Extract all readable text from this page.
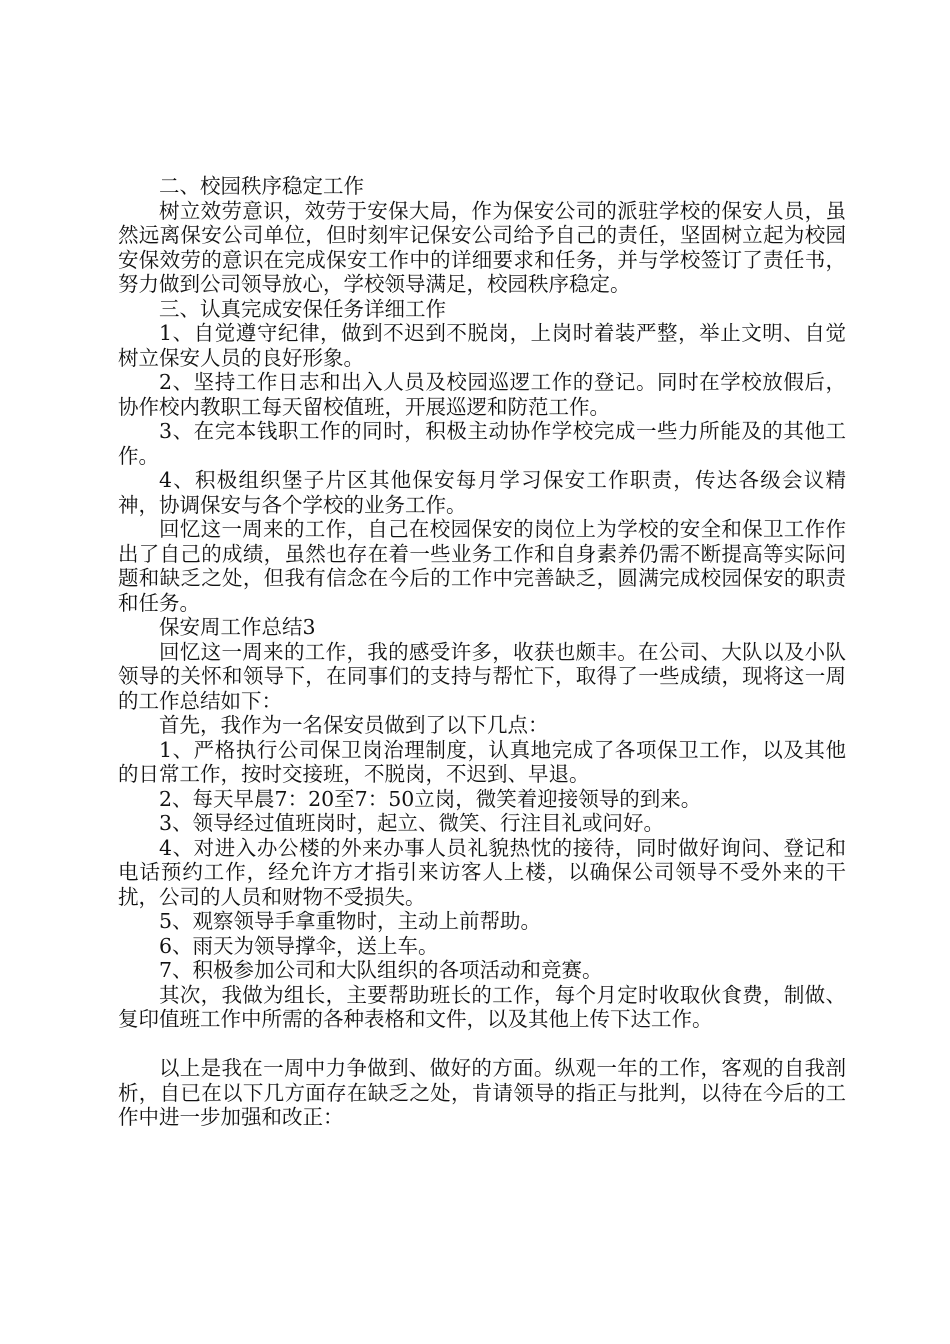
二、校园秩序稳定工作

树立效劳意识，效劳于安保大局，作为保安公司的派驻学校的保安人员，虽然远离保安公司单位，但时刻牢记保安公司给予自己的责任，坚固树立起为校园安保效劳的意识在完成保安工作中的详细要求和任务，并与学校签订了责任书，努力做到公司领导放心，学校领导满足，校园秩序稳定。

三、认真完成安保任务详细工作

1、自觉遵守纪律，做到不迟到不脱岗，上岗时着装严整，举止文明、自觉树立保安人员的良好形象。

2、坚持工作日志和出入人员及校园巡逻工作的登记。同时在学校放假后，协作校内教职工每天留校值班，开展巡逻和防范工作。

3、在完本钱职工作的同时，积极主动协作学校完成一些力所能及的其他工作。

4、积极组织堡子片区其他保安每月学习保安工作职责，传达各级会议精神，协调保安与各个学校的业务工作。

回忆这一周来的工作，自己在校园保安的岗位上为学校的安全和保卫工作作出了自己的成绩，虽然也存在着一些业务工作和自身素养仍需不断提高等实际问题和缺乏之处，但我有信念在今后的工作中完善缺乏，圆满完成校园保安的职责和任务。

保安周工作总结3

回忆这一周来的工作，我的感受许多，收获也颇丰。在公司、大队以及小队领导的关怀和领导下，在同事们的支持与帮忙下，取得了一些成绩，现将这一周的工作总结如下：

首先，我作为一名保安员做到了以下几点：

1、严格执行公司保卫岗治理制度，认真地完成了各项保卫工作，以及其他的日常工作，按时交接班，不脱岗，不迟到、早退。

2、每天早晨7：20至7：50立岗，微笑着迎接领导的到来。

3、领导经过值班岗时，起立、微笑、行注目礼或问好。

4、对进入办公楼的外来办事人员礼貌热忱的接待，同时做好询问、登记和电话预约工作，经允许方才指引来访客人上楼，以确保公司领导不受外来的干扰，公司的人员和财物不受损失。

5、观察领导手拿重物时，主动上前帮助。

6、雨天为领导撑伞，送上车。

7、积极参加公司和大队组织的各项活动和竞赛。

其次，我做为组长，主要帮助班长的工作，每个月定时收取伙食费，制做、复印值班工作中所需的各种表格和文件，以及其他上传下达工作。

以上是我在一周中力争做到、做好的方面。纵观一年的工作，客观的自我剖析，自已在以下几方面存在缺乏之处，肯请领导的指正与批判，以待在今后的工作中进一步加强和改正：
